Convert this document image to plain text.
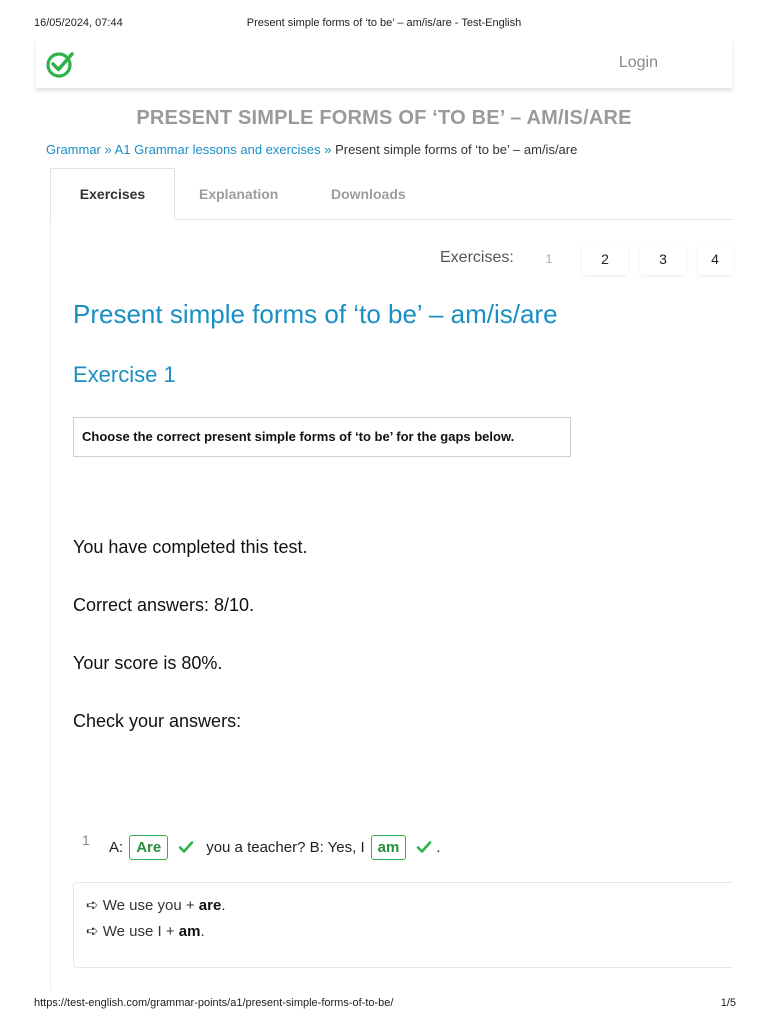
16/05/2024, 07:44	Present simple forms of ‘to be’ – am/is/are - Test-English
Login
PRESENT SIMPLE FORMS OF ‘TO BE’ – AM/IS/ARE
Grammar » A1 Grammar lessons and exercises » Present simple forms of ‘to be’ – am/is/are
Exercises	Explanation	Downloads
Exercises:	1	2	3	4
Present simple forms of ‘to be’ – am/is/are
Exercise 1
Choose the correct present simple forms of ‘to be’ for the gaps below.
You have completed this test.
Correct answers: 8/10.
Your score is 80%.
Check your answers:
1 A: Are	you a teacher? B: Yes, I am	.
➪ We use you + are.
➪ We use I + am.
https://test-english.com/grammar-points/a1/present-simple-forms-of-to-be/	1/5
